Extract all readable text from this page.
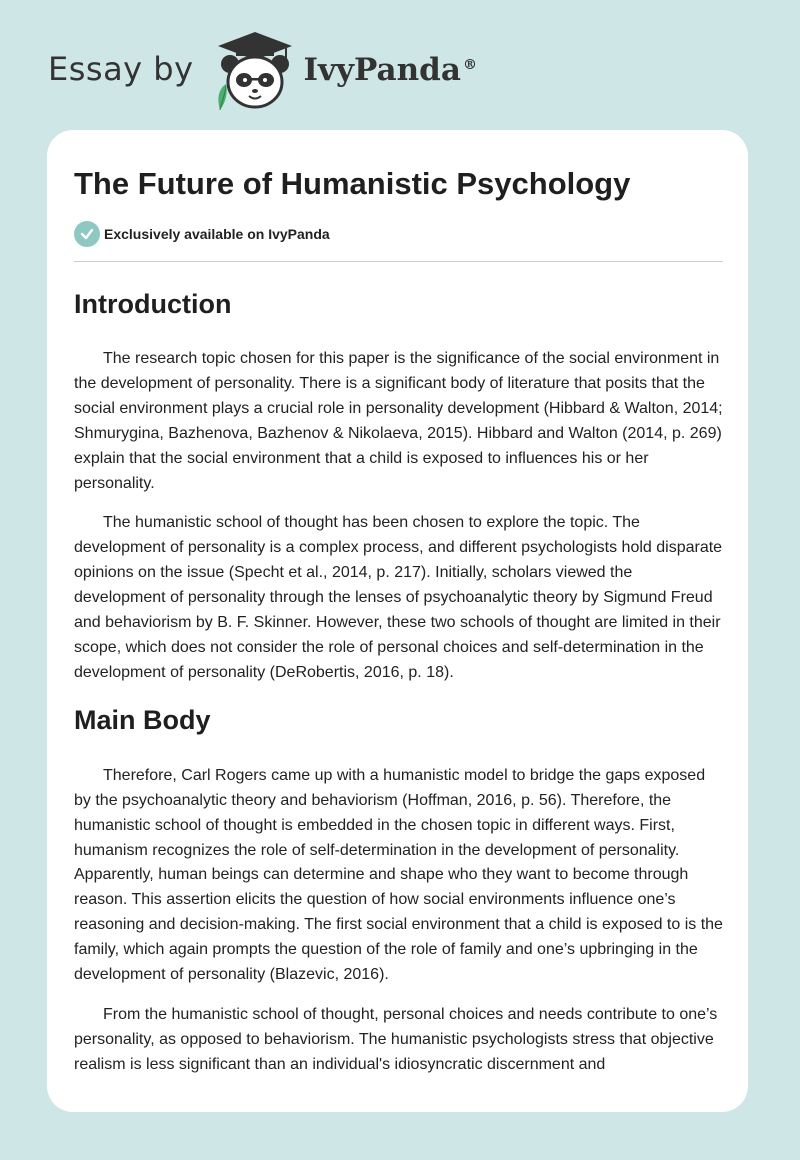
Essay by	IvyPanda ®
The Future of Humanistic Psychology
Exclusively available on IvyPanda
Introduction

The research topic chosen for this paper is the significance of the social environment in the development of personality. There is a significant body of literature that posits that the social environment plays a crucial role in personality development (Hibbard & Walton, 2014; Shmurygina, Bazhenova, Bazhenov & Nikolaeva, 2015). Hibbard and Walton (2014, p. 269) explain that the social environment that a child is exposed to influences his or her personality.

The humanistic school of thought has been chosen to explore the topic. The development of personality is a complex process, and different psychologists hold disparate opinions on the issue (Specht et al., 2014, p. 217). Initially, scholars viewed the development of personality through the lenses of psychoanalytic theory by Sigmund Freud and behaviorism by B. F. Skinner. However, these two schools of thought are limited in their scope, which does not consider the role of personal choices and self-determination in the development of personality (DeRobertis, 2016, p. 18).

Main Body

Therefore, Carl Rogers came up with a humanistic model to bridge the gaps exposed by the psychoanalytic theory and behaviorism (Hoffman, 2016, p. 56). Therefore, the humanistic school of thought is embedded in the chosen topic in different ways. First, humanism recognizes the role of self-determination in the development of personality. Apparently, human beings can determine and shape who they want to become through reason. This assertion elicits the question of how social environments influence one’s reasoning and decision-making. The first social environment that a child is exposed to is the family, which again prompts the question of the role of family and one’s upbringing in the development of personality (Blazevic, 2016).

From the humanistic school of thought, personal choices and needs contribute to one’s personality, as opposed to behaviorism. The humanistic psychologists stress that objective realism is less significant than an individual's idiosyncratic discernment and
